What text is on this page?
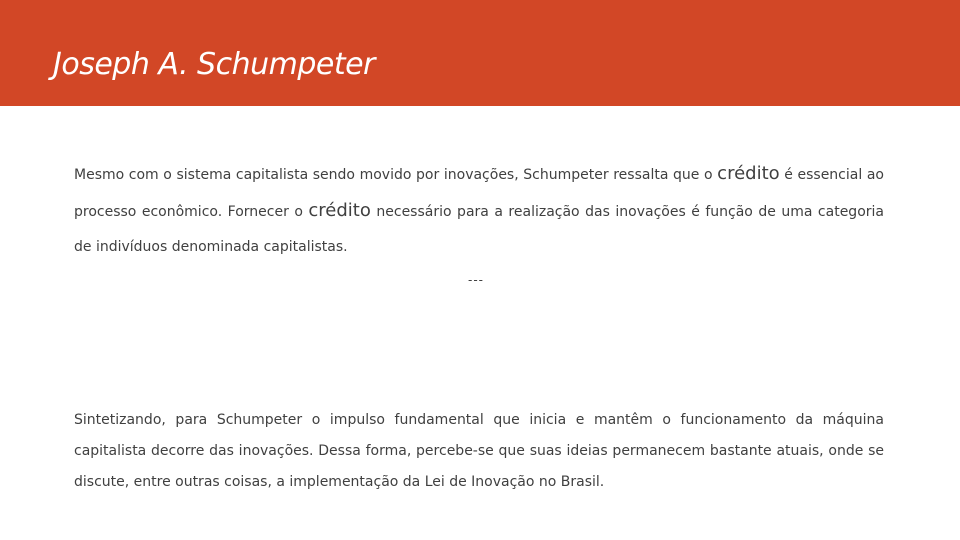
Joseph A. Schumpeter

Mesmo com o sistema capitalista sendo movido por inovações, Schumpeter ressalta que o crédito é essencial ao processo econômico. Fornecer o crédito necessário para a realização das inovações é função de uma categoria de indivíduos denominada capitalistas.

---

Sintetizando, para Schumpeter o impulso fundamental que inicia e mantêm o funcionamento da máquina capitalista decorre das inovações. Dessa forma, percebe-se que suas ideias permanecem bastante atuais, onde se discute, entre outras coisas, a implementação da Lei de Inovação no Brasil.
